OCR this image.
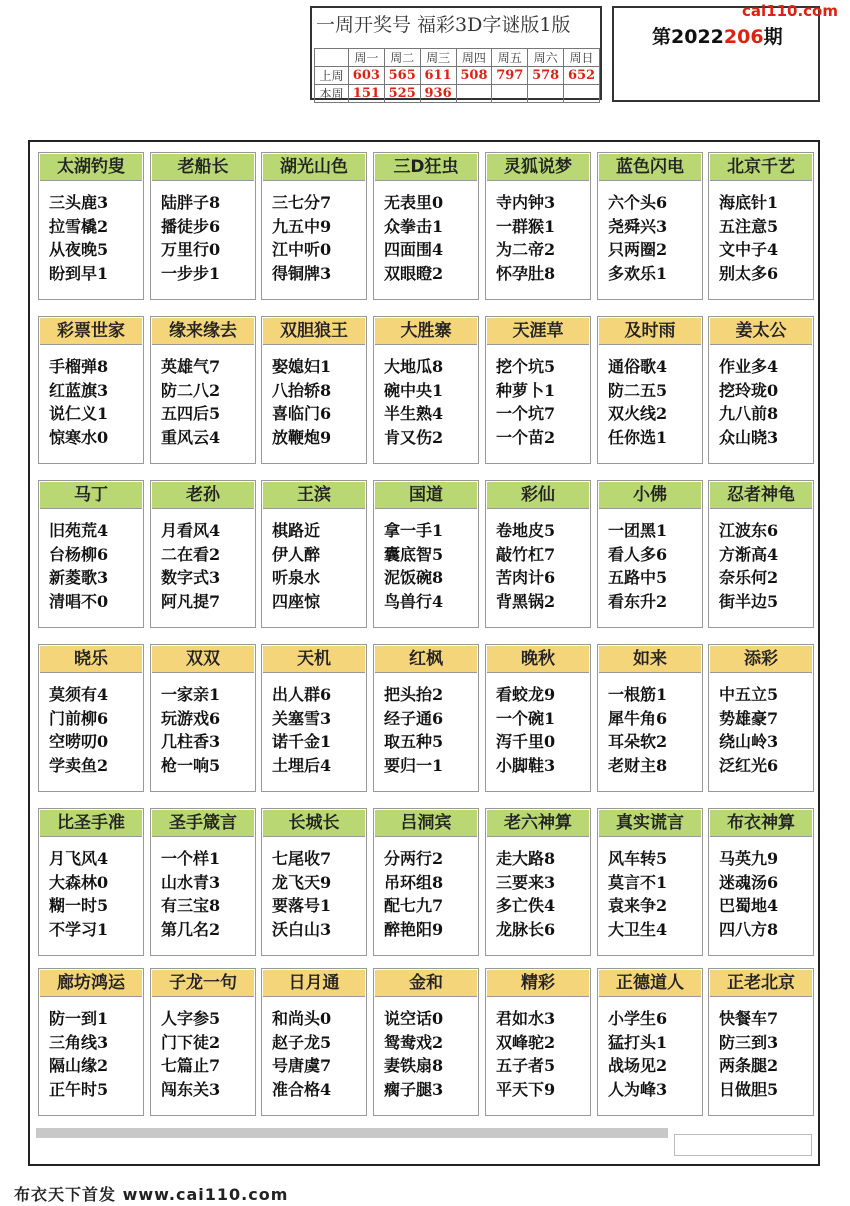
一周开奖号 福彩3D字谜版1版
	周一	周二	周三	周四	周五	周六	周日
上周	603	565	611	508	797	578	652
本周	151	525	936				
第2022206期
cai110.com
太湖钓叟
三头鹿3
拉雪橇2
从夜晚5
盼到早1
老船长
陆胖子8
播徒步6
万里行0
一步步1
湖光山色
三七分7
九五中9
江中听0
得铜牌3
三D狂虫
无表里0
众拳击1
四面围4
双眼瞪2
灵狐说梦
寺内钟3
一群猴1
为二帝2
怀孕肚8
蓝色闪电
六个头6
尧舜兴3
只两圈2
多欢乐1
北京千艺
海底针1
五注意5
文中子4
别太多6
彩票世家
手榴弹8
红蓝旗3
说仁义1
惊寒水0
缘来缘去
英雄气7
防二八2
五四后5
重风云4
双胆狼王
娶媳妇1
八抬轿8
喜临门6
放鞭炮9
大胜寨
大地瓜8
碗中央1
半生熟4
肯又伤2
天涯草
挖个坑5
种萝卜1
一个坑7
一个苗2
及时雨
通俗歌4
防二五5
双火线2
任你选1
姜太公
作业多4
挖玲珑0
九八前8
众山晓3
马丁
旧苑荒4
台杨柳6
新菱歌3
清唱不0
老孙
月看风4
二在看2
数字式3
阿凡提7
王滨
棋路近
伊人醉
听泉水
四座惊
国道
拿一手1
囊底智5
泥饭碗8
鸟兽行4
彩仙
卷地皮5
敲竹杠7
苦肉计6
背黑锅2
小佛
一团黑1
看人多6
五路中5
看东升2
忍者神龟
江波东6
方渐高4
奈乐何2
街半边5
晓乐
莫须有4
门前柳6
空唠叨0
学卖鱼2
双双
一家亲1
玩游戏6
几柱香3
枪一响5
天机
出人群6
关塞雪3
诺千金1
土埋后4
红枫
把头抬2
经子通6
取五种5
要归一1
晚秋
看蛟龙9
一个碗1
泻千里0
小脚鞋3
如来
一根筋1
犀牛角6
耳朵软2
老财主8
添彩
中五立5
势雄豪7
绕山岭3
泛红光6
比圣手准
月飞风4
大森林0
糊一时5
不学习1
圣手箴言
一个样1
山水青3
有三宝8
第几名2
长城长
七尾收7
龙飞天9
要落号1
沃白山3
吕洞宾
分两行2
吊环组8
配七九7
醉艳阳9
老六神算
走大路8
三要来3
多亡佚4
龙脉长6
真实谎言
风车转5
莫言不1
袁来争2
大卫生4
布衣神算
马英九9
迷魂汤6
巴蜀地4
四八方8
廊坊鸿运
防一到1
三角线3
隔山缘2
正午时5
子龙一句
人字参5
门下徒2
七篇止7
闯东关3
日月通
和尚头0
赵子龙5
号唐虞7
准合格4
金和
说空话0
鸳鸯戏2
妻铁扇8
瘸子腿3
精彩
君如水3
双峰驼2
五子者5
平天下9
正德道人
小学生6
猛打头1
战场见2
人为峰3
正老北京
快餐车7
防三到3
两条腿2
日做胆5
布衣天下首发 www.cai110.com
